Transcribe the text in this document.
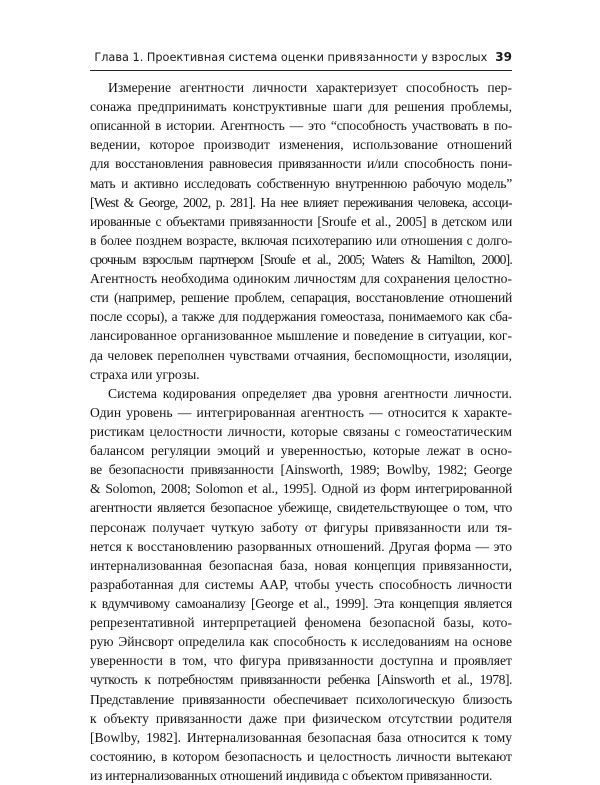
Глава 1. Проективная система оценки привязанности у взрослых 39
Измерение агентности личности характеризует способность пер-
сонажа предпринимать конструктивные шаги для решения проблемы,
описанной в истории. Агентность — это “способность участвовать в по-
ведении, которое производит изменения, использование отношений
для восстановления равновесия привязанности и/или способность пони-
мать и активно исследовать собственную внутреннюю рабочую модель”
[West & George, 2002, p. 281]. На нее влияет переживания человека, ассоци-
ированные с объектами привязанности [Sroufe et al., 2005] в детском или
в более позднем возрасте, включая психотерапию или отношения с долго-
срочным взрослым партнером [Sroufe et al., 2005; Waters & Hamilton, 2000].
Агентность необходима одиноким личностям для сохранения целостно-
сти (например, решение проблем, сепарация, восстановление отношений
после ссоры), а также для поддержания гомеостаза, понимаемого как сба-
лансированное организованное мышление и поведение в ситуации, ког-
да человек переполнен чувствами отчаяния, беспомощности, изоляции,
страха или угрозы.
Система кодирования определяет два уровня агентности личности.
Один уровень — интегрированная агентность — относится к характе-
ристикам целостности личности, которые связаны с гомеостатическим
балансом регуляции эмоций и уверенностью, которые лежат в осно-
ве безопасности привязанности [Ainsworth, 1989; Bowlby, 1982; George
& Solomon, 2008; Solomon et al., 1995]. Одной из форм интегрированной
агентности является безопасное убежище, свидетельствующее о том, что
персонаж получает чуткую заботу от фигуры привязанности или тя-
нется к восстановлению разорванных отношений. Другая форма — это
интернализованная безопасная база, новая концепция привязанности,
разработанная для системы AAP, чтобы учесть способность личности
к вдумчивому самоанализу [George et al., 1999]. Эта концепция является
репрезентативной интерпретацией феномена безопасной базы, кото-
рую Эйнсворт определила как способность к исследованиям на основе
уверенности в том, что фигура привязанности доступна и проявляет
чуткость к потребностям привязанности ребенка [Ainsworth et al., 1978].
Представление привязанности обеспечивает психологическую близость
к объекту привязанности даже при физическом отсутствии родителя
[Bowlby, 1982]. Интернализованная безопасная база относится к тому
состоянию, в котором безопасность и целостность личности вытекают
из интернализованных отношений индивида с объектом привязанности.
